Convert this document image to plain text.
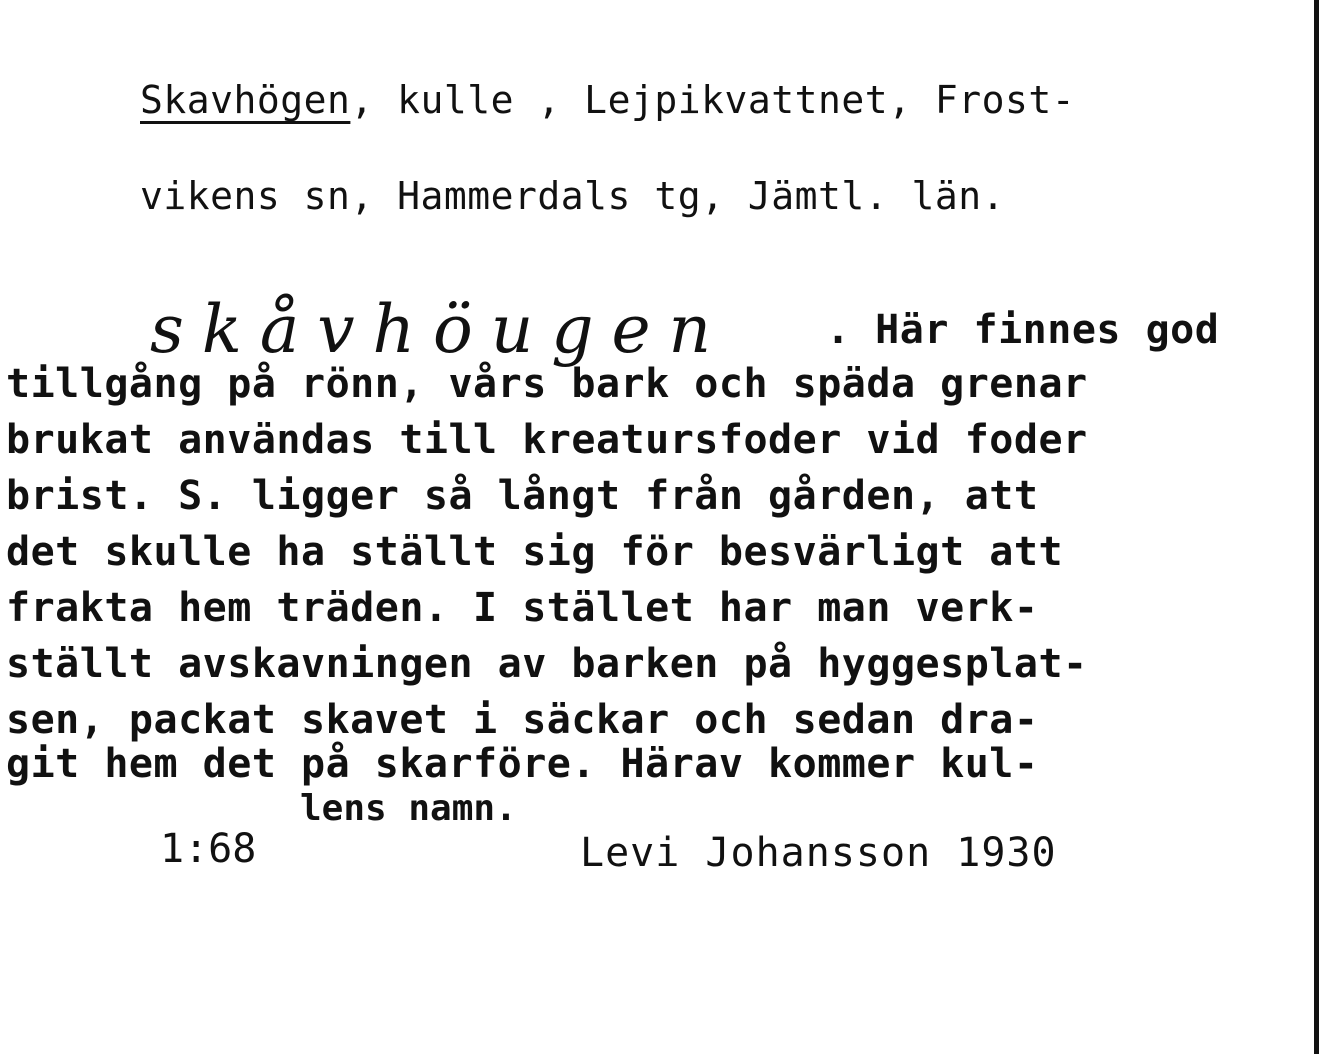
Skavhögen, kulle , Lejpikvattnet, Frost-
vikens sn, Hammerdals tg, Jämtl. län.
skåvhöugen . Här finnes god
tillgång på rönn, vårs bark och späda grenar
brukat användas till kreatursfoder vid foder
brist. S. ligger så långt från gården, att
det skulle ha ställt sig för besvärligt att
frakta hem träden. I stället har man verk-
ställt avskavningen av barken på hyggesplat-
sen, packat skavet i säckar och sedan dra-
git hem det på skarföre. Härav kommer kul-
lens namn.
1:68	Levi Johansson 1930
